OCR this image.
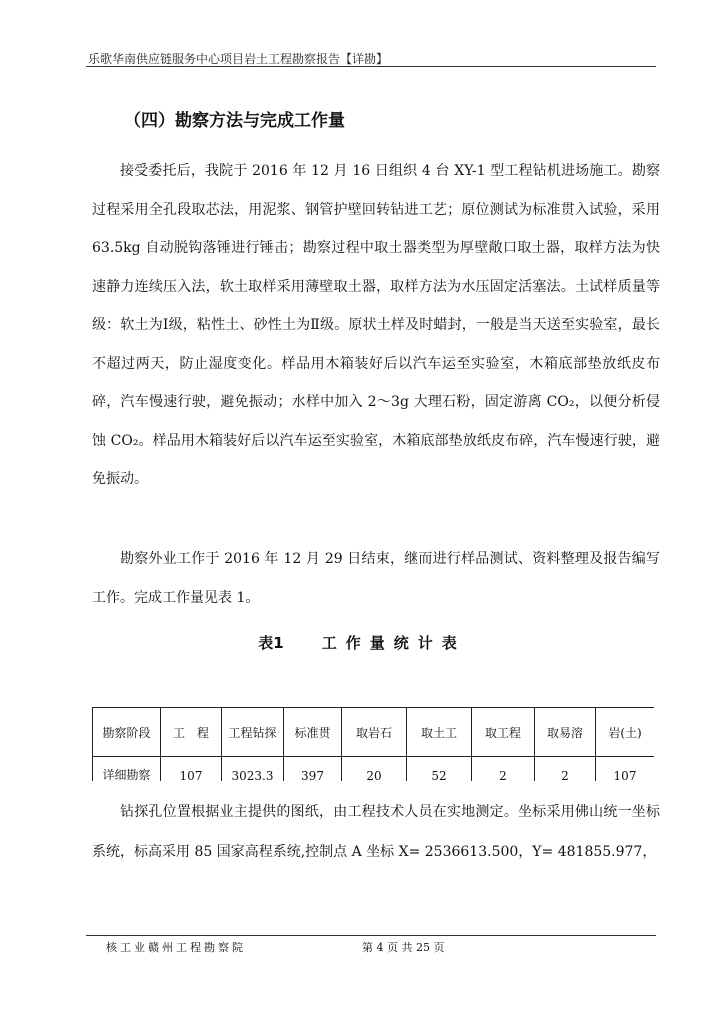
乐歌华南供应链服务中心项目岩土工程勘察报告【详勘】
（四）勘察方法与完成工作量

接受委托后，我院于 2016 年 12 月 16 日组织 4 台 XY-1 型工程钻机进场施工。勘察过程采用全孔段取芯法，用泥浆、钢管护壁回转钻进工艺；原位测试为标准贯入试验，采用 63.5kg 自动脱钩落锤进行锤击；勘察过程中取土器类型为厚壁敞口取土器，取样方法为快速静力连续压入法，软土取样采用薄壁取土器，取样方法为水压固定活塞法。土试样质量等级：软土为Ⅰ级，粘性土、砂性土为Ⅱ级。原状土样及时蜡封，一般是当天送至实验室，最长不超过两天，防止湿度变化。样品用木箱装好后以汽车运至实验室，木箱底部垫放纸皮布碎，汽车慢速行驶，避免振动；水样中加入 2～3g 大理石粉，固定游离 CO₂，以便分析侵蚀 CO₂。样品用木箱装好后以汽车运至实验室，木箱底部垫放纸皮布碎，汽车慢速行驶，避免振动。

勘察外业工作于 2016 年 12 月 29 日结束，继而进行样品测试、资料整理及报告编写工作。完成工作量见表 1。

表1	工作量统计表
勘察阶段	工　程	工程钻探	标准贯	取岩石	取土工	取工程	取易溶	岩(土)
详细勘察	107	3023.3	397	20	52	2	2	107

钻探孔位置根据业主提供的图纸，由工程技术人员在实地测定。坐标采用佛山统一坐标系统，标高采用 85 国家高程系统,控制点 A 坐标 X= 2536613.500，Y= 481855.977，

核工业赣州工程勘察院	第 4 页 共 25 页
